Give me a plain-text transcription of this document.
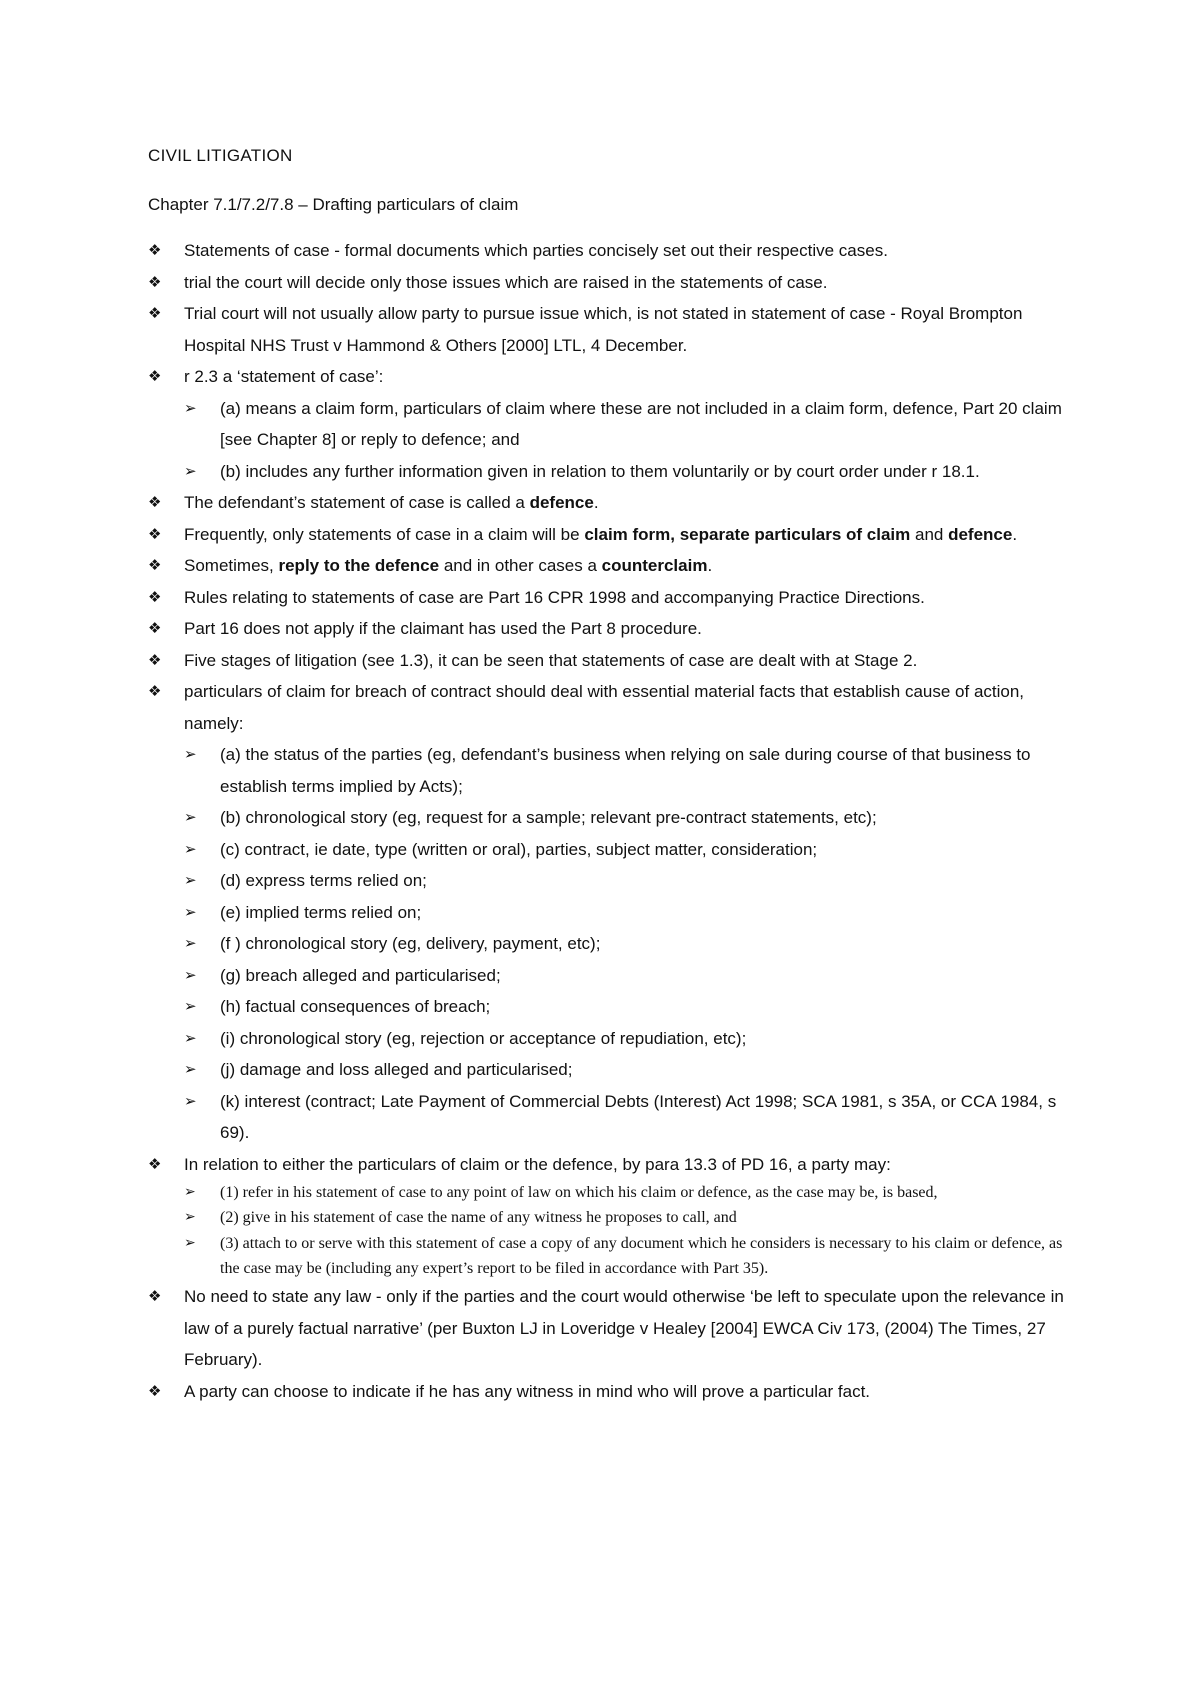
CIVIL LITIGATION
Chapter 7.1/7.2/7.8 – Drafting particulars of claim
❖ Statements of case - formal documents which parties concisely set out their respective cases.
❖ trial the court will decide only those issues which are raised in the statements of case.
❖ Trial court will not usually allow party to pursue issue which, is not stated in statement of case - Royal Brompton Hospital NHS Trust v Hammond & Others [2000] LTL, 4 December.
❖ r 2.3 a ‘statement of case’:
➢ (a) means a claim form, particulars of claim where these are not included in a claim form, defence, Part 20 claim [see Chapter 8] or reply to defence; and
➢ (b) includes any further information given in relation to them voluntarily or by court order under r 18.1.
❖ The defendant’s statement of case is called a defence.
❖ Frequently, only statements of case in a claim will be claim form, separate particulars of claim and defence.
❖ Sometimes, reply to the defence and in other cases a counterclaim.
❖ Rules relating to statements of case are Part 16 CPR 1998 and accompanying Practice Directions.
❖ Part 16 does not apply if the claimant has used the Part 8 procedure.
❖ Five stages of litigation (see 1.3), it can be seen that statements of case are dealt with at Stage 2.
❖ particulars of claim for breach of contract should deal with essential material facts that establish cause of action, namely:
➢ (a) the status of the parties (eg, defendant’s business when relying on sale during course of that business to establish terms implied by Acts);
➢ (b) chronological story (eg, request for a sample; relevant pre-contract statements, etc);
➢ (c) contract, ie date, type (written or oral), parties, subject matter, consideration;
➢ (d) express terms relied on;
➢ (e) implied terms relied on;
➢ (f ) chronological story (eg, delivery, payment, etc);
➢ (g) breach alleged and particularised;
➢ (h) factual consequences of breach;
➢ (i) chronological story (eg, rejection or acceptance of repudiation, etc);
➢ (j) damage and loss alleged and particularised;
➢ (k) interest (contract; Late Payment of Commercial Debts (Interest) Act 1998; SCA 1981, s 35A, or CCA 1984, s 69).
❖ In relation to either the particulars of claim or the defence, by para 13.3 of PD 16, a party may:
➢ (1) refer in his statement of case to any point of law on which his claim or defence, as the case may be, is based,
➢ (2) give in his statement of case the name of any witness he proposes to call, and
➢ (3) attach to or serve with this statement of case a copy of any document which he considers is necessary to his claim or defence, as the case may be (including any expert’s report to be filed in accordance with Part 35).
❖ No need to state any law - only if the parties and the court would otherwise ‘be left to speculate upon the relevance in law of a purely factual narrative’ (per Buxton LJ in Loveridge v Healey [2004] EWCA Civ 173, (2004) The Times, 27 February).
❖ A party can choose to indicate if he has any witness in mind who will prove a particular fact.
